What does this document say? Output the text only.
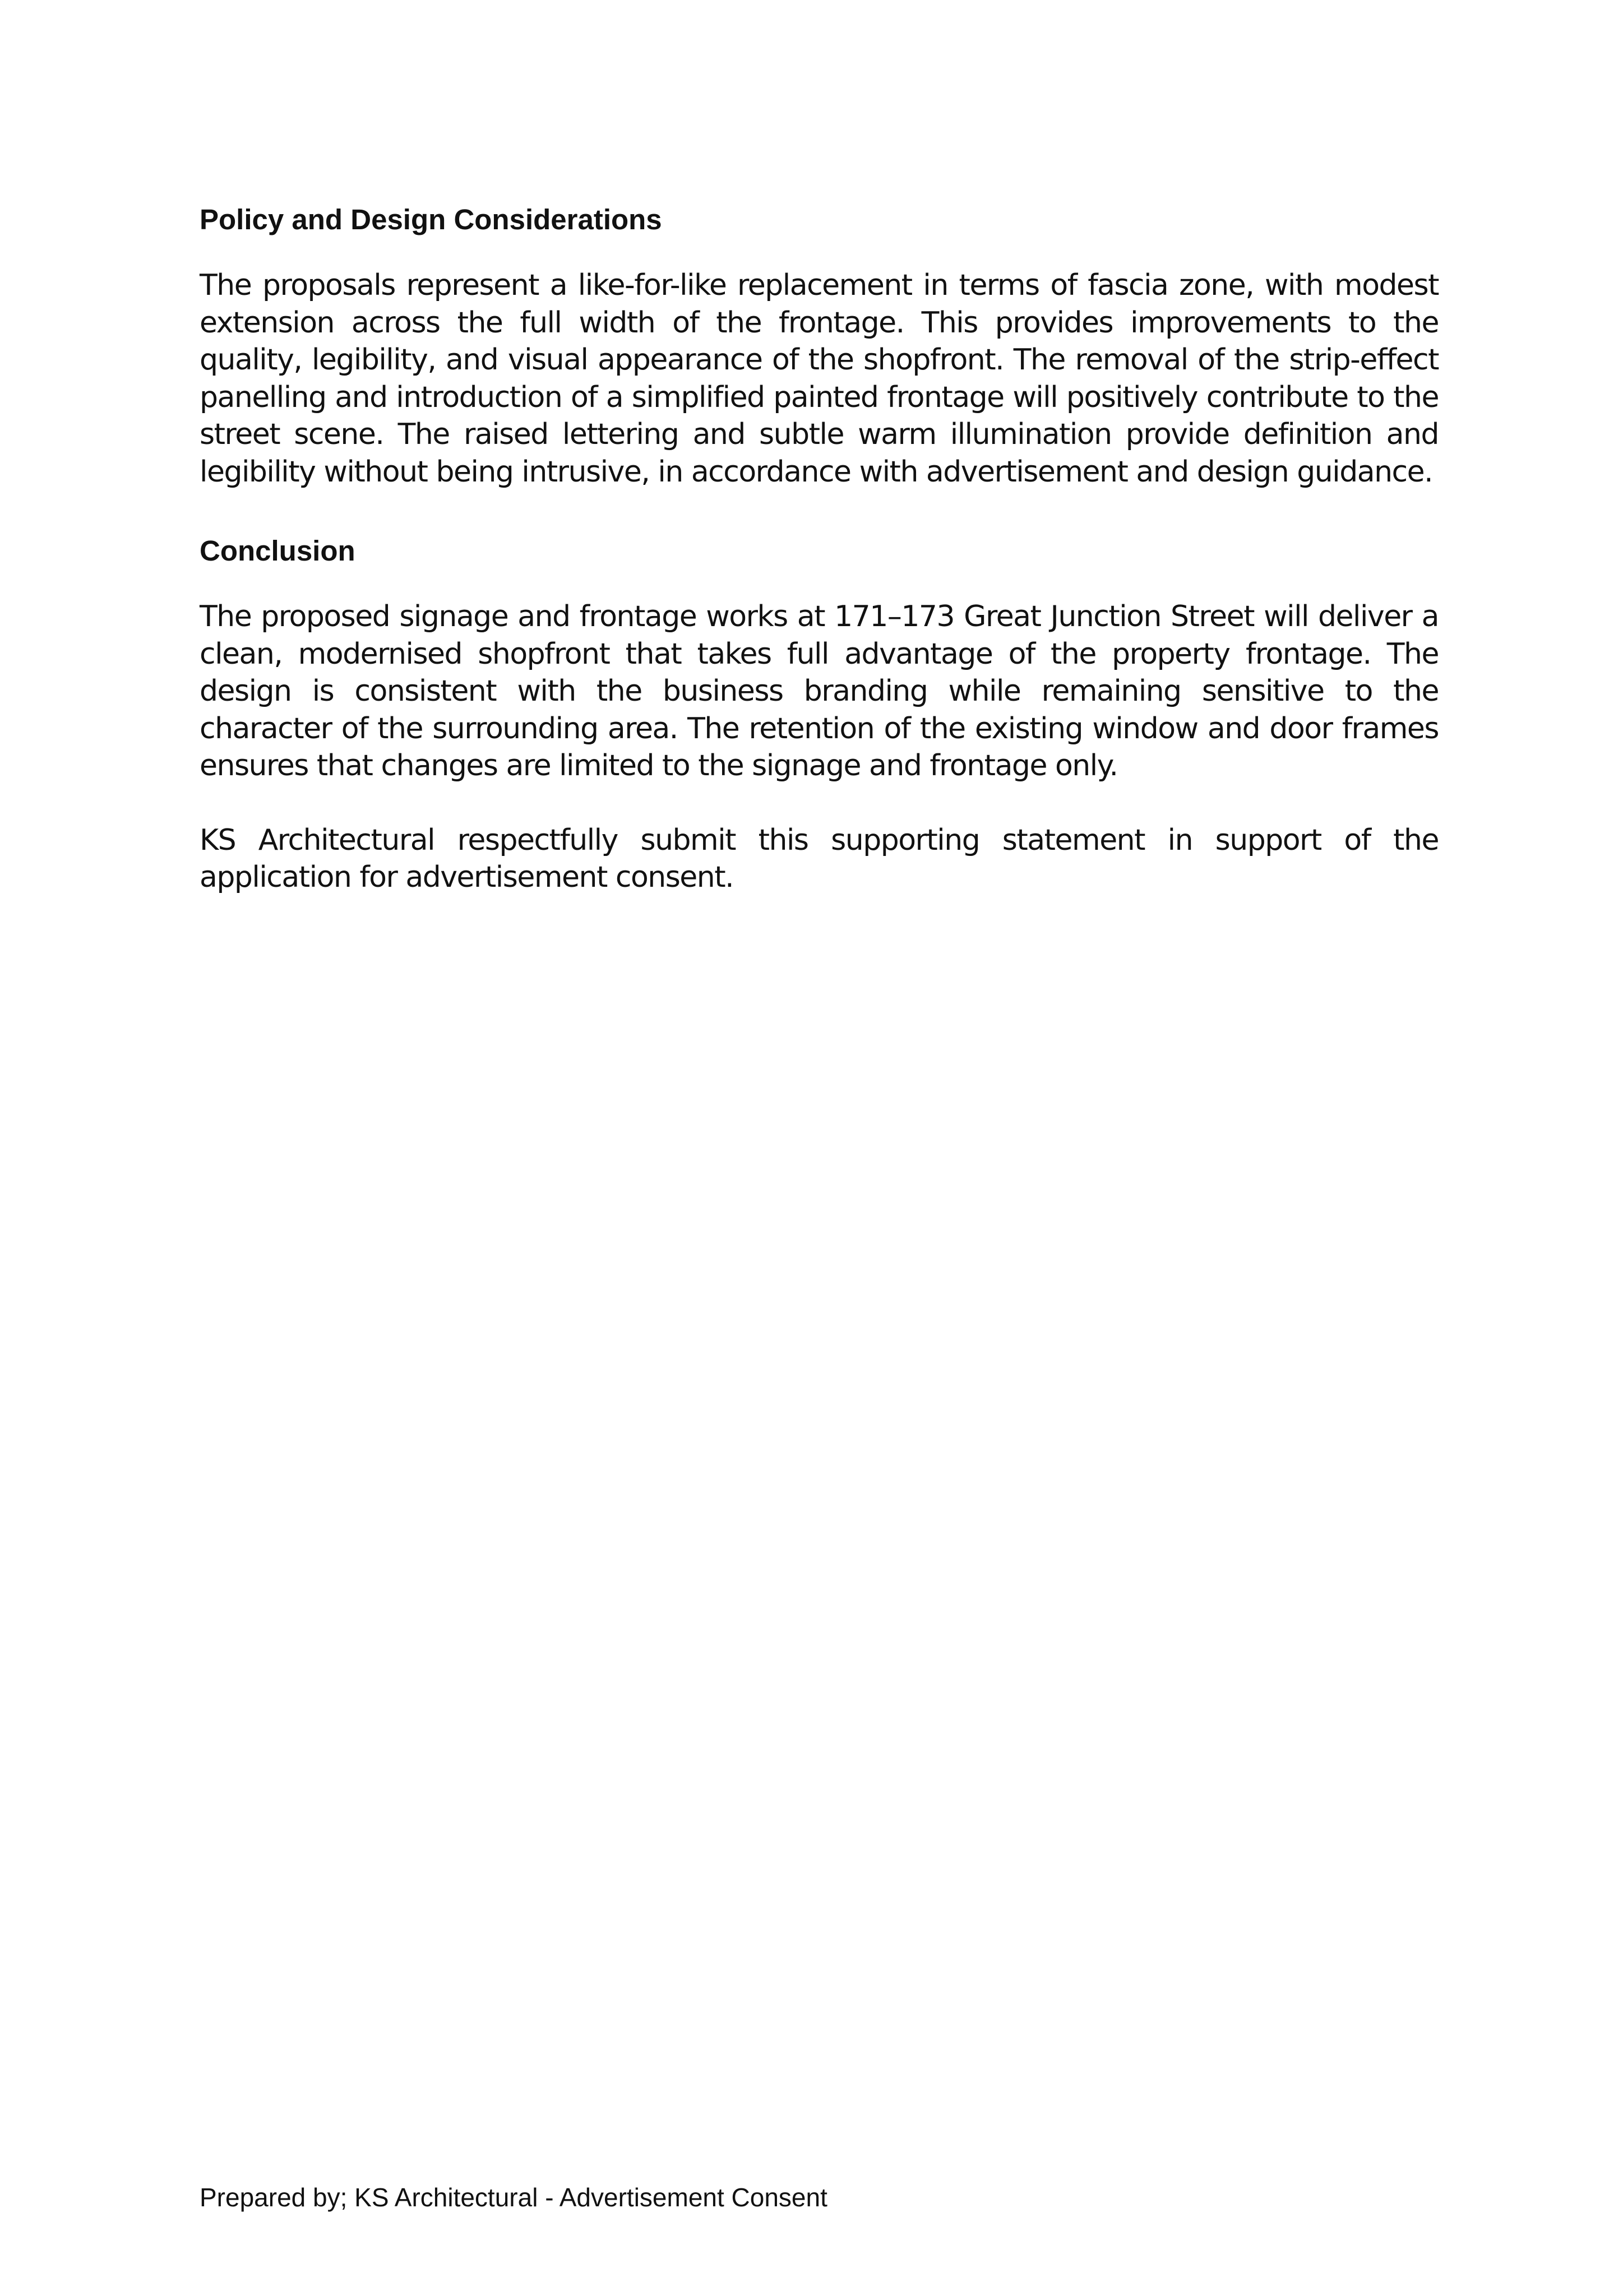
Policy and Design Considerations

The proposals represent a like-for-like replacement in terms of fascia zone, with modest extension across the full width of the frontage. This provides improvements to the quality, legibility, and visual appearance of the shopfront. The removal of the strip-effect panelling and introduction of a simplified painted frontage will positively contribute to the street scene. The raised lettering and subtle warm illumination provide definition and legibility without being intrusive, in accordance with advertisement and design guidance.

Conclusion

The proposed signage and frontage works at 171–173 Great Junction Street will deliver a clean, modernised shopfront that takes full advantage of the property frontage. The design is consistent with the business branding while remaining sensitive to the character of the surrounding area. The retention of the existing window and door frames ensures that changes are limited to the signage and frontage only.

KS Architectural respectfully submit this supporting statement in support of the application for advertisement consent.

Prepared by; KS Architectural - Advertisement Consent
